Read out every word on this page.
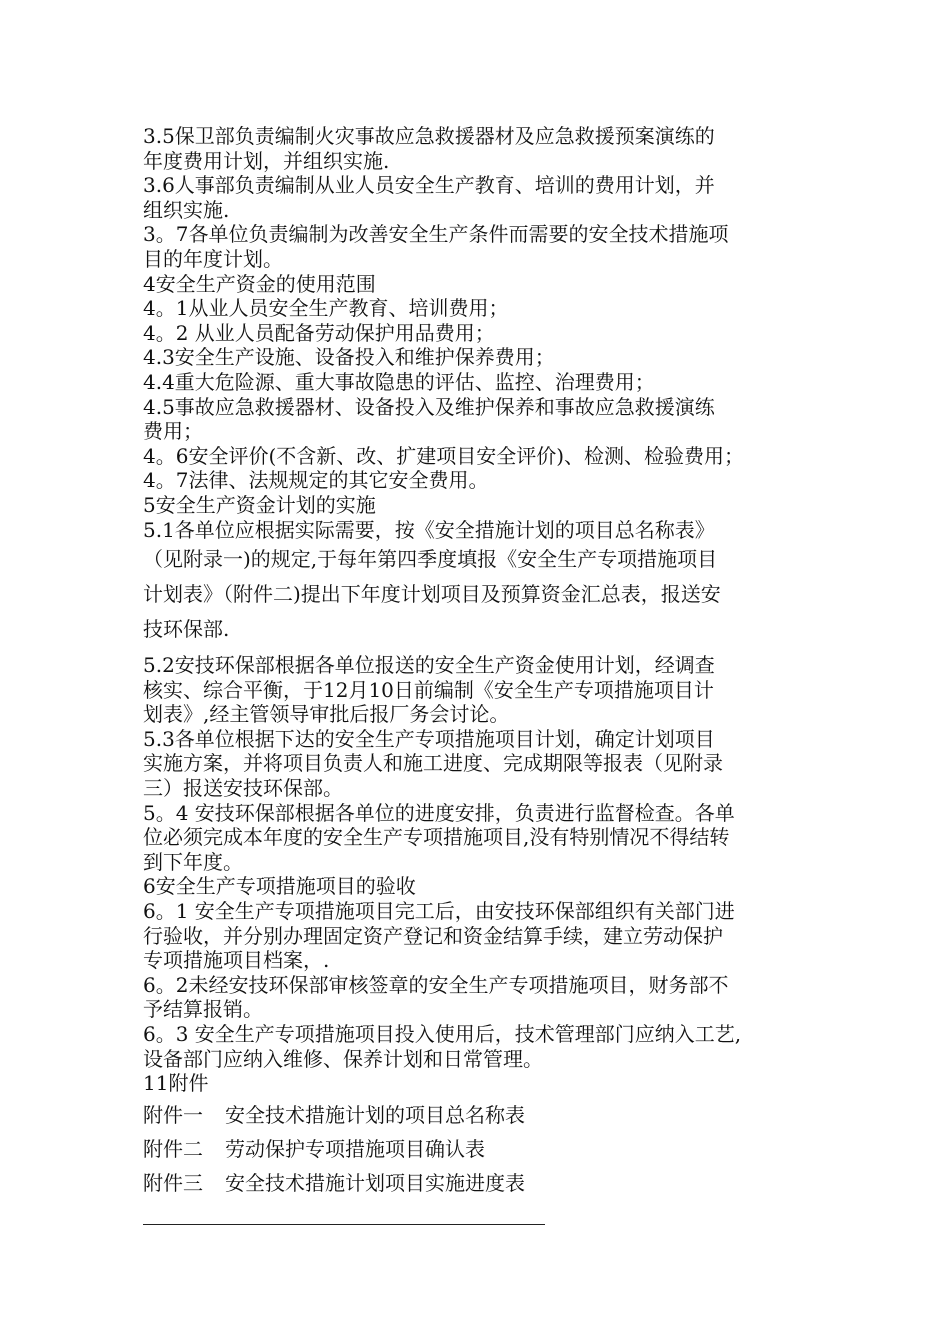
3.5保卫部负责编制火灾事故应急救援器材及应急救援预案演练的
年度费用计划，并组织实施.
3.6人事部负责编制从业人员安全生产教育、培训的费用计划，并
组织实施.
3。7各单位负责编制为改善安全生产条件而需要的安全技术措施项
目的年度计划。
4安全生产资金的使用范围
4。1从业人员安全生产教育、培训费用；
4。2 从业人员配备劳动保护用品费用；
4.3安全生产设施、设备投入和维护保养费用；
4.4重大危险源、重大事故隐患的评估、监控、治理费用；
4.5事故应急救援器材、设备投入及维护保养和事故应急救援演练
费用；
4。6安全评价(不含新、改、扩建项目安全评价)、检测、检验费用；
4。7法律、法规规定的其它安全费用。
5安全生产资金计划的实施
5.1各单位应根据实际需要，按《安全措施计划的项目总名称表》
（见附录一)的规定,于每年第四季度填报《安全生产专项措施项目
计划表》（附件二)提出下年度计划项目及预算资金汇总表，报送安
技环保部.
5.2安技环保部根据各单位报送的安全生产资金使用计划，经调查
核实、综合平衡，于12月10日前编制《安全生产专项措施项目计
划表》,经主管领导审批后报厂务会讨论。
5.3各单位根据下达的安全生产专项措施项目计划，确定计划项目
实施方案，并将项目负责人和施工进度、完成期限等报表（见附录
三）报送安技环保部。
5。4 安技环保部根据各单位的进度安排，负责进行监督检查。各单
位必须完成本年度的安全生产专项措施项目,没有特别情况不得结转
到下年度。
6安全生产专项措施项目的验收
6。1 安全生产专项措施项目完工后，由安技环保部组织有关部门进
行验收，并分别办理固定资产登记和资金结算手续，建立劳动保护
专项措施项目档案，.
6。2未经安技环保部审核签章的安全生产专项措施项目，财务部不
予结算报销。
6。3 安全生产专项措施项目投入使用后，技术管理部门应纳入工艺,
设备部门应纳入维修、保养计划和日常管理。
11附件
附件一 安全技术措施计划的项目总名称表
附件二 劳动保护专项措施项目确认表
附件三 安全技术措施计划项目实施进度表
